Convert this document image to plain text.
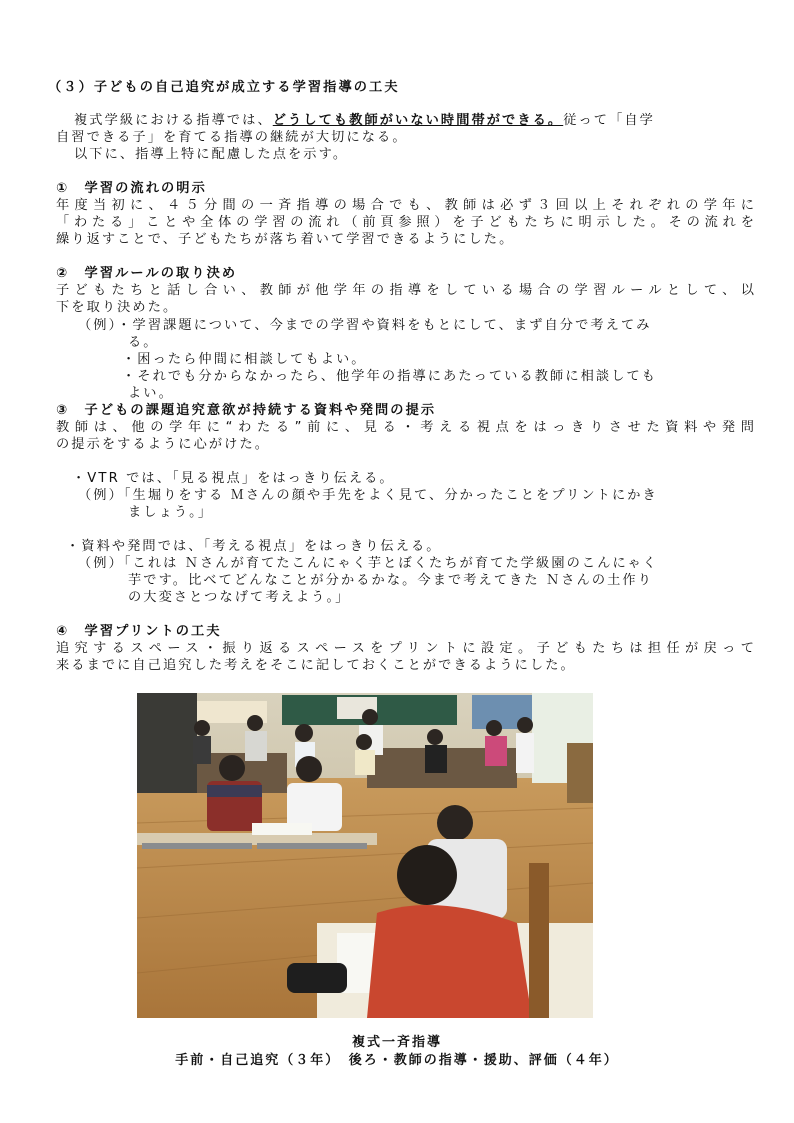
（３）子どもの自己追究が成立する学習指導の工夫
複式学級における指導では、どうしても教師がいない時間帯ができる。従って「自学
自習できる子」を育てる指導の継続が大切になる。
以下に、指導上特に配慮した点を示す。
①　学習の流れの明示
年度当初に、４５分間の一斉指導の場合でも、教師は必ず３回以上それぞれの学年に
「わたる」ことや全体の学習の流れ（前頁参照）を子どもたちに明示した。その流れを
繰り返すことで、子どもたちが落ち着いて学習できるようにした。
②　学習ルールの取り決め
子どもたちと話し合い、教師が他学年の指導をしている場合の学習ルールとして、以
下を取り決めた。
（例）・学習課題について、今までの学習や資料をもとにして、まず自分で考えてみ
る。
・困ったら仲間に相談してもよい。
・それでも分からなかったら、他学年の指導にあたっている教師に相談しても
よい。
③　子どもの課題追究意欲が持続する資料や発問の提示
教師は、他の学年に“わたる”前に、見る・考える視点をはっきりさせた資料や発問
の提示をするように心がけた。
・VTR では、「見る視点」をはっきり伝える。
（例）「生堀りをする Ｍさんの顔や手先をよく見て、分かったことをプリントにかき
ましょう。」
・資料や発問では、「考える視点」をはっきり伝える。
（例）「これは Ｎさんが育てたこんにゃく芋とぼくたちが育てた学級園のこんにゃく
芋です。比べてどんなことが分かるかな。今まで考えてきた Ｎさんの土作り
の大変さとつなげて考えよう。」
④　学習プリントの工夫
追究するスペース・振り返るスペースをプリントに設定。子どもたちは担任が戻って
来るまでに自己追究した考えをそこに記しておくことができるようにした。
複式一斉指導
手前・自己追究（３年）　後ろ・教師の指導・援助、評価（４年）
